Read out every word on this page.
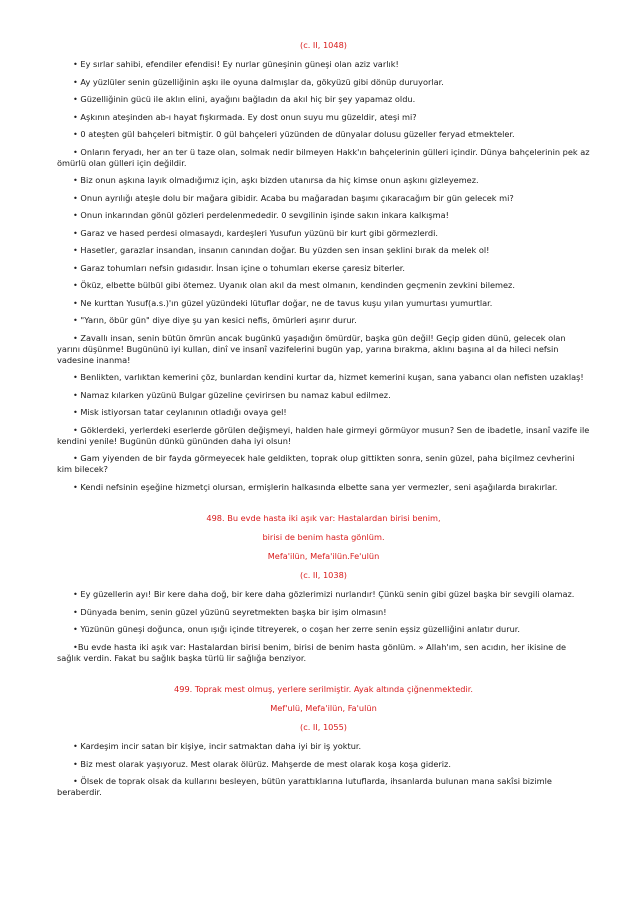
(c. II, 1048)

• Ey sırlar sahibi, efendiler efendisi! Ey nurlar güneşinin güneşi olan aziz varlık!

• Ay yüzlüler senin güzelliğinin aşkı ile oyuna dalmışlar da, gökyüzü gibi dönüp duruyorlar.

• Güzelliğinin gücü ile aklın elini, ayağını bağladın da akıl hiç bir şey yapamaz oldu.

• Aşkının ateşinden ab-ı hayat fışkırmada. Ey dost onun suyu mu güzeldir, ateşi mi?

• 0 ateşten gül bahçeleri bitmiştir. 0 gül bahçeleri yüzünden de dünyalar dolusu güzeller feryad etmekteler.

• Onların feryadı, her an ter ü taze olan, solmak nedir bilmeyen Hakk'ın bahçelerinin gülleri içindir. Dünya bahçelerinin pek az ömürlü olan gülleri için değildir.

• Biz onun aşkına layık olmadığımız için, aşkı bizden utanırsa da hiç kimse onun aşkını gizleyemez.

• Onun ayrılığı ateşle dolu bir mağara gibidir. Acaba bu mağaradan başımı çıkaracağım bir gün gelecek mi?

• Onun inkarından gönül gözleri perdelenmededir. 0 sevgilinin işinde sakın inkara kalkışma!

• Garaz ve hased perdesi olmasaydı, kardeşleri Yusufun yüzünü bir kurt gibi görmezlerdi.

• Hasetler, garazlar insandan, insanın canından doğar. Bu yüzden sen insan şeklini bırak da melek ol!

• Garaz tohumları nefsin gıdasıdır. İnsan içine o tohumları ekerse çaresiz biterler.

• Öküz, elbette bülbül gibi ötemez. Uyanık olan akıl da mest olmanın, kendinden geçmenin zevkini bilemez.

• Ne kurttan Yusuf(a.s.)'ın güzel yüzündeki lütuflar doğar, ne de tavus kuşu yılan yumurtası yumurtlar.

• "Yarın, öbür gün" diye diye şu yan kesici nefis, ömürleri aşırır durur.

• Zavallı insan, senin bütün ömrün ancak bugünkü yaşadığın ömürdür, başka gün değil! Geçip giden dünü, gelecek olan yarını düşünme! Bugününü iyi kullan, dinî ve insanî vazifelerini bugün yap, yarına bırakma, aklını başına al da hileci nefsin vadesine inanma!

• Benlikten, varlıktan kemerini çöz, bunlardan kendini kurtar da, hizmet kemerini kuşan, sana yabancı olan nefisten uzaklaş!

• Namaz kılarken yüzünü Bulgar güzeline çevirirsen bu namaz kabul edilmez.

• Misk istiyorsan tatar ceylanının otladığı ovaya gel!

• Göklerdeki, yerlerdeki eserlerde görülen değişmeyi, halden hale girmeyi görmüyor musun? Sen de ibadetle, insanî vazife ile kendini yenile! Bugünün dünkü gününden daha iyi olsun!

• Gam yiyenden de bir fayda görmeyecek hale geldikten, toprak olup gittikten sonra, senin güzel, paha biçilmez cevherini kim bilecek?

• Kendi nefsinin eşeğine hizmetçi olursan, ermişlerin halkasında elbette sana yer vermezler, seni aşağılarda bırakırlar.

498. Bu evde hasta iki aşık var: Hastalardan birisi benim,

birisi de benim hasta gönlüm.

Mefa'ilün, Mefa'ilün.Fe'ulün

(c. II, 1038)

• Ey güzellerin ayı! Bir kere daha doğ, bir kere daha gözlerimizi nurlandır! Çünkü senin gibi güzel başka bir sevgili olamaz.

• Dünyada benim, senin güzel yüzünü seyretmekten başka bir işim olmasın!

• Yüzünün güneşi doğunca, onun ışığı içinde titreyerek, o coşan her zerre senin eşsiz güzelliğini anlatır durur.

•Bu evde hasta iki aşık var: Hastalardan birisi benim, birisi de benim hasta gönlüm. » Allah'ım, sen acıdın, her ikisine de sağlık verdin. Fakat bu sağlık başka türlü lir sağlığa benziyor.

499. Toprak mest olmuş, yerlere serilmiştir. Ayak altında çiğnenmektedir.

Mef'ulü, Mefa'ilün, Fa'ulün

(c. II, 1055)

• Kardeşim incir satan bir kişiye, incir satmaktan daha iyi bir iş yoktur.

• Biz mest olarak yaşıyoruz. Mest olarak ölürüz. Mahşerde de mest olarak koşa koşa gideriz.

• Ölsek de toprak olsak da kullarını besleyen, bütün yarattıklarına lutuflarda, ihsanlarda bulunan mana sakîsi bizimle beraberdir.
